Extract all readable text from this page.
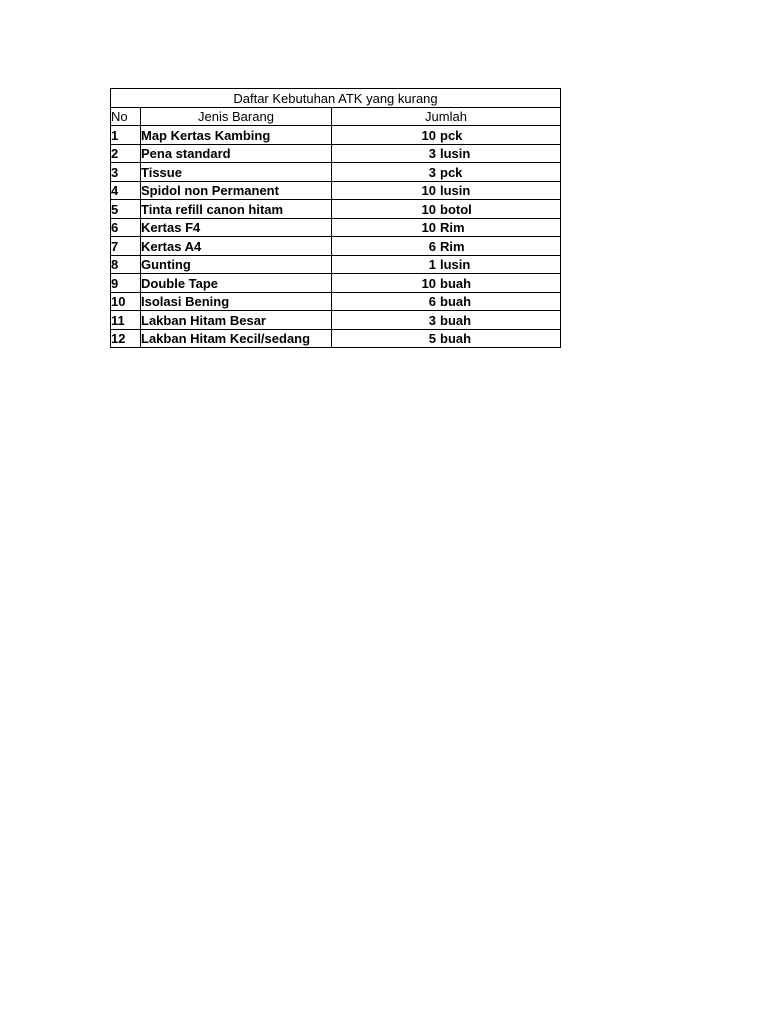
Daftar Kebutuhan ATK yang kurang		
No	Jenis Barang	Jumlah
1	Map Kertas Kambing	10 pck
2	Pena standard	3 lusin
3	Tissue	3 pck
4	Spidol non Permanent	10 lusin
5	Tinta refill canon hitam	10 botol
6	Kertas F4	10 Rim
7	Kertas A4	6 Rim
8	Gunting	1 lusin
9	Double Tape	10 buah
10	Isolasi Bening	6 buah
11	Lakban Hitam Besar	3 buah
12	Lakban Hitam Kecil/sedang	5 buah
